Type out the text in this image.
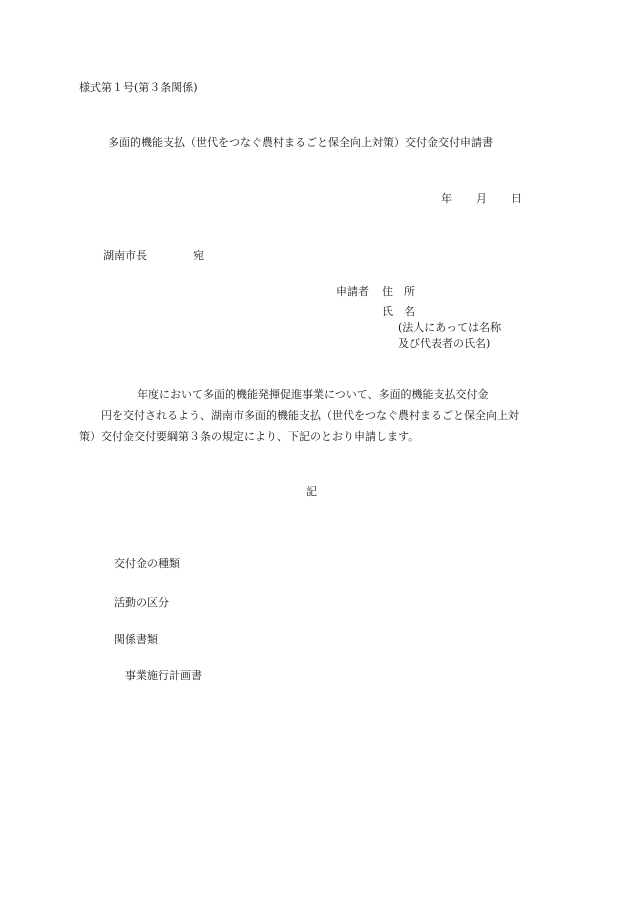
様式第１号(第３条関係)
多面的機能支払（世代をつなぐ農村まるごと保全向上対策）交付金交付申請書
年 月 日
湖南市長	宛
申請者 住　所
氏　名
(法人にあっては名称
及び代表者の氏名)
年度において多面的機能発揮促進事業について、多面的機能支払交付金
円を交付されるよう、湖南市多面的機能支払（世代をつなぐ農村まるごと保全向上対
策）交付金交付要綱第３条の規定により、下記のとおり申請します。
記
交付金の種類
活動の区分
関係書類
事業施行計画書
